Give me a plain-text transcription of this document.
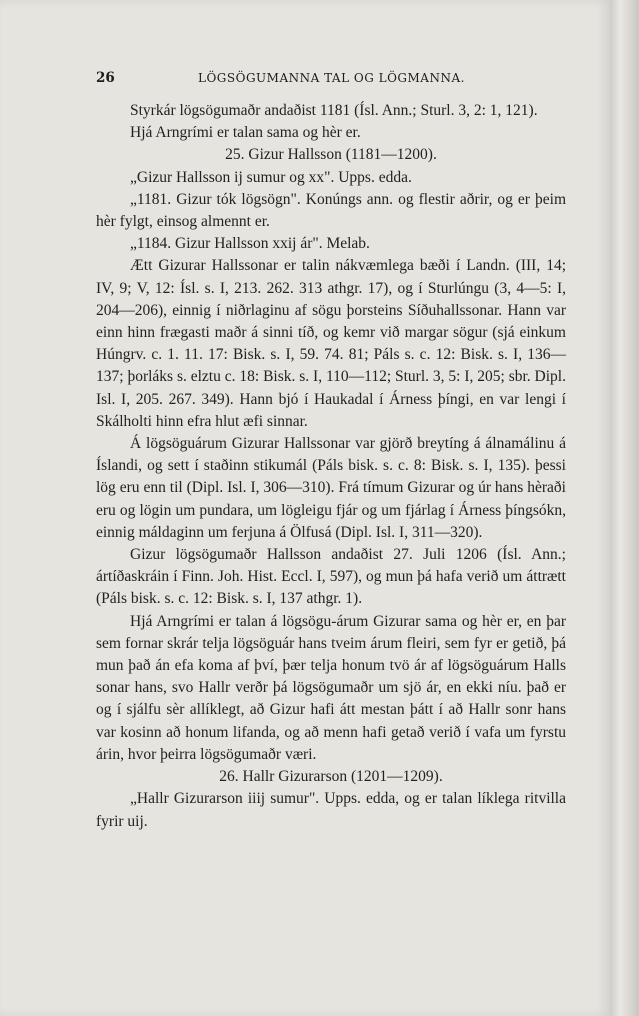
26	LÖGSÖGUMANNA TAL OG LÖGMANNA.

Styrkár lögsögumaðr andaðist 1181 (Ísl. Ann.; Sturl. 3, 2: 1, 121).

Hjá Arngrími er talan sama og hèr er.

25. Gizur Hallsson (1181—1200).

„Gizur Hallsson ij sumur og xx". Upps. edda.

„1181. Gizur tók lögsögn". Konúngs ann. og flestir aðrir, og er þeim hèr fylgt, einsog almennt er.

„1184. Gizur Hallsson xxij ár". Melab.

Ætt Gizurar Hallssonar er talin nákvæmlega bæði í Landn. (III, 14; IV, 9; V, 12: Ísl. s. I, 213. 262. 313 athgr. 17), og í Sturlúngu (3, 4—5: I, 204—206), einnig í niðrlaginu af sögu þorsteins Síðuhallssonar. Hann var einn hinn frægasti maðr á sinni tíð, og kemr við margar sögur (sjá einkum Húngrv. c. 1. 11. 17: Bisk. s. I, 59. 74. 81; Páls s. c. 12: Bisk. s. I, 136—137; þorláks s. elztu c. 18: Bisk. s. I, 110—112; Sturl. 3, 5: I, 205; sbr. Dipl. Isl. I, 205. 267. 349). Hann bjó í Haukadal í Árness þíngi, en var lengi í Skálholti hinn efra hlut æfi sinnar.

Á lögsöguárum Gizurar Hallssonar var gjörð breytíng á álnamálinu á Íslandi, og sett í staðinn stikumál (Páls bisk. s. c. 8: Bisk. s. I, 135). þessi lög eru enn til (Dipl. Isl. I, 306—310). Frá tímum Gizurar og úr hans hèraði eru og lögin um pundara, um lögleigu fjár og um fjárlag í Árness þíngsókn, einnig máldaginn um ferjuna á Ölfusá (Dipl. Isl. I, 311—320).

Gizur lögsögumaðr Hallsson andaðist 27. Juli 1206 (Ísl. Ann.; ártíðaskráin í Finn. Joh. Hist. Eccl. I, 597), og mun þá hafa verið um áttrætt (Páls bisk. s. c. 12: Bisk. s. I, 137 athgr. 1).

Hjá Arngrími er talan á lögsögu-árum Gizurar sama og hèr er, en þar sem fornar skrár telja lögsöguár hans tveim árum fleiri, sem fyr er getið, þá mun það án efa koma af því, þær telja honum tvö ár af lögsöguárum Halls sonar hans, svo Hallr verðr þá lögsögumaðr um sjö ár, en ekki níu. það er og í sjálfu sèr allíklegt, að Gizur hafi átt mestan þátt í að Hallr sonr hans var kosinn að honum lifanda, og að menn hafi getað verið í vafa um fyrstu árin, hvor þeirra lögsögumaðr væri.

26. Hallr Gizurarson (1201—1209).

„Hallr Gizurarson iiij sumur". Upps. edda, og er talan líklega ritvilla fyrir uij.
